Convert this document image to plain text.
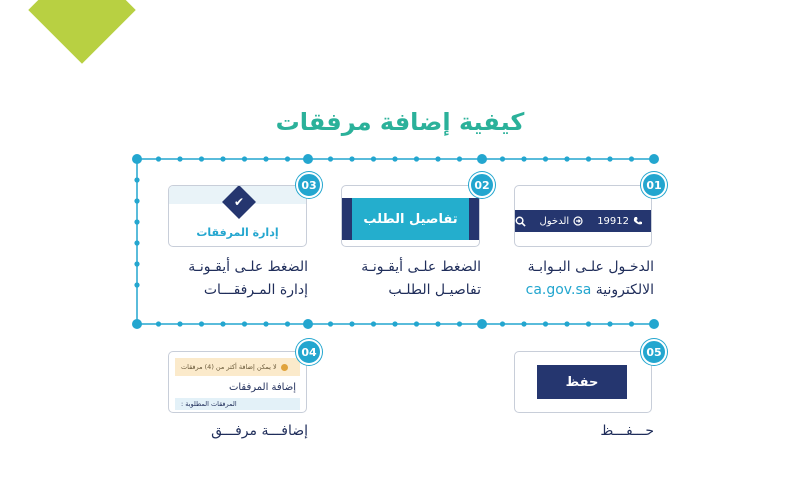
كيفية إضافة مرفقات
الدخول	19912
01
الدخـول علـى البـوابـة
الالكترونية ca.gov.sa
تفاصيل الطلب
02
الضغط علـى أيقـونـة
تفاصيـل الطلـب
✔
إدارة المرفقات
03
الضغط علـى أيقـونـة
إدارة المـرفقـــات
لا يمكن إضافة أكثر من (4) مرفقات
إضافة المرفقات
المرفقات المطلوبة :
04
إضافـــة مرفـــق
حفظ
05
حـــفـــظ
